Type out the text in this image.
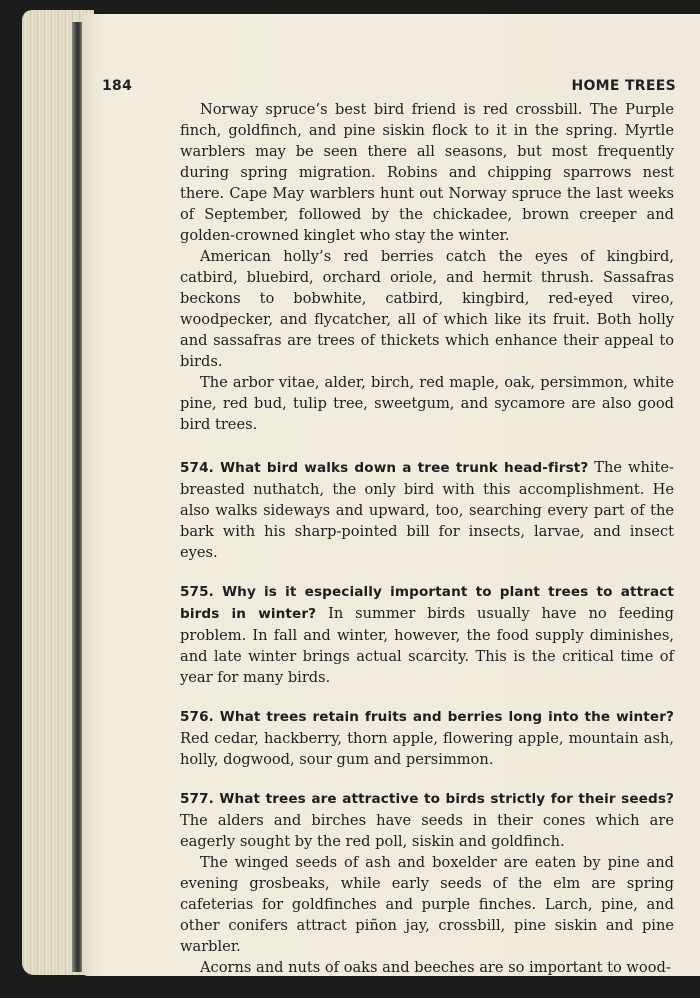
184	HOME TREES

Norway spruce’s best bird friend is red crossbill. The Purple finch, goldfinch, and pine siskin flock to it in the spring. Myrtle warblers may be seen there all seasons, but most frequently during spring migration. Robins and chipping sparrows nest there. Cape May warblers hunt out Norway spruce the last weeks of September, followed by the chickadee, brown creeper and golden-crowned kinglet who stay the winter.

American holly’s red berries catch the eyes of kingbird, catbird, bluebird, orchard oriole, and hermit thrush. Sassafras beckons to bobwhite, catbird, kingbird, red-eyed vireo, woodpecker, and flycatcher, all of which like its fruit. Both holly and sassafras are trees of thickets which enhance their appeal to birds.

The arbor vitae, alder, birch, red maple, oak, persimmon, white pine, red bud, tulip tree, sweetgum, and sycamore are also good bird trees.

574. What bird walks down a tree trunk head-first? The white-breasted nuthatch, the only bird with this accomplishment. He also walks sideways and upward, too, searching every part of the bark with his sharp-pointed bill for insects, larvae, and insect eyes.

575. Why is it especially important to plant trees to attract birds in winter? In summer birds usually have no feeding problem. In fall and winter, however, the food supply diminishes, and late winter brings actual scarcity. This is the critical time of year for many birds.

576. What trees retain fruits and berries long into the winter? Red cedar, hackberry, thorn apple, flowering apple, mountain ash, holly, dogwood, sour gum and persimmon.

577. What trees are attractive to birds strictly for their seeds? The alders and birches have seeds in their cones which are eagerly sought by the red poll, siskin and goldfinch.

The winged seeds of ash and boxelder are eaten by pine and evening grosbeaks, while early seeds of the elm are spring cafeterias for goldfinches and purple finches. Larch, pine, and other conifers attract piñon jay, crossbill, pine siskin and pine warbler.

Acorns and nuts of oaks and beeches are so important to wood-
